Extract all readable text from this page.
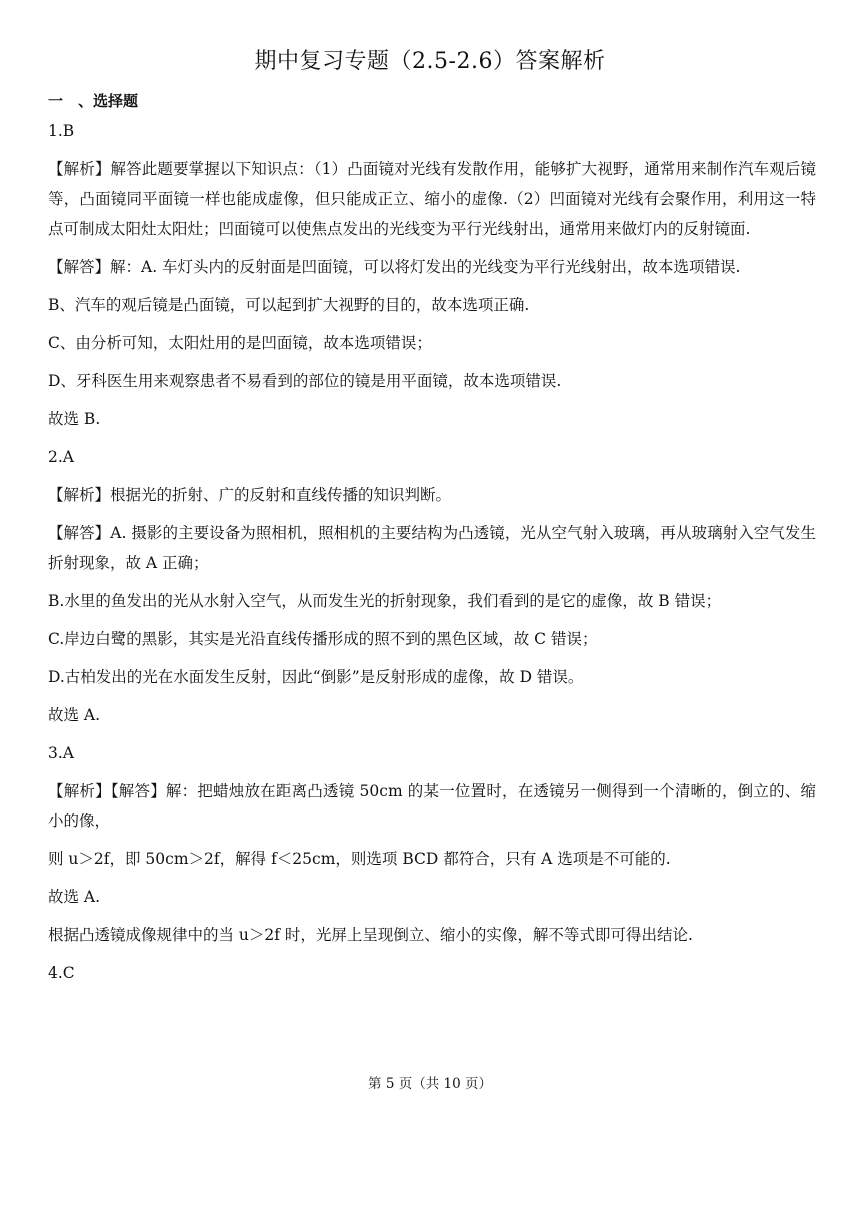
期中复习专题（2.5-2.6）答案解析
一　、选择题

1.B

【解析】解答此题要掌握以下知识点：（1）凸面镜对光线有发散作用，能够扩大视野，通常用来制作汽车观后镜等，凸面镜同平面镜一样也能成虚像，但只能成正立、缩小的虚像.（2）凹面镜对光线有会聚作用，利用这一特点可制成太阳灶太阳灶；凹面镜可以使焦点发出的光线变为平行光线射出，通常用来做灯内的反射镜面.

【解答】解：A. 车灯头内的反射面是凹面镜，可以将灯发出的光线变为平行光线射出，故本选项错误.

B、汽车的观后镜是凸面镜，可以起到扩大视野的目的，故本选项正确.

C、由分析可知，太阳灶用的是凹面镜，故本选项错误；

D、牙科医生用来观察患者不易看到的部位的镜是用平面镜，故本选项错误.

故选 B.

2.A

【解析】根据光的折射、广的反射和直线传播的知识判断。

【解答】A. 摄影的主要设备为照相机，照相机的主要结构为凸透镜，光从空气射入玻璃，再从玻璃射入空气发生折射现象，故 A 正确；

B.水里的鱼发出的光从水射入空气，从而发生光的折射现象，我们看到的是它的虚像，故 B 错误；

C.岸边白鹭的黑影，其实是光沿直线传播形成的照不到的黑色区域，故 C 错误；

D.古柏发出的光在水面发生反射，因此“倒影”是反射形成的虚像，故 D 错误。

故选 A.

3.A

【解析】【解答】解：把蜡烛放在距离凸透镜 50cm 的某一位置时，在透镜另一侧得到一个清晰的，倒立的、缩小的像，

则 u＞2f，即 50cm＞2f，解得 f＜25cm，则选项 BCD 都符合，只有 A 选项是不可能的.

故选 A.

根据凸透镜成像规律中的当 u＞2f 时，光屏上呈现倒立、缩小的实像，解不等式即可得出结论.

4.C

第 5 页（共 10 页）
